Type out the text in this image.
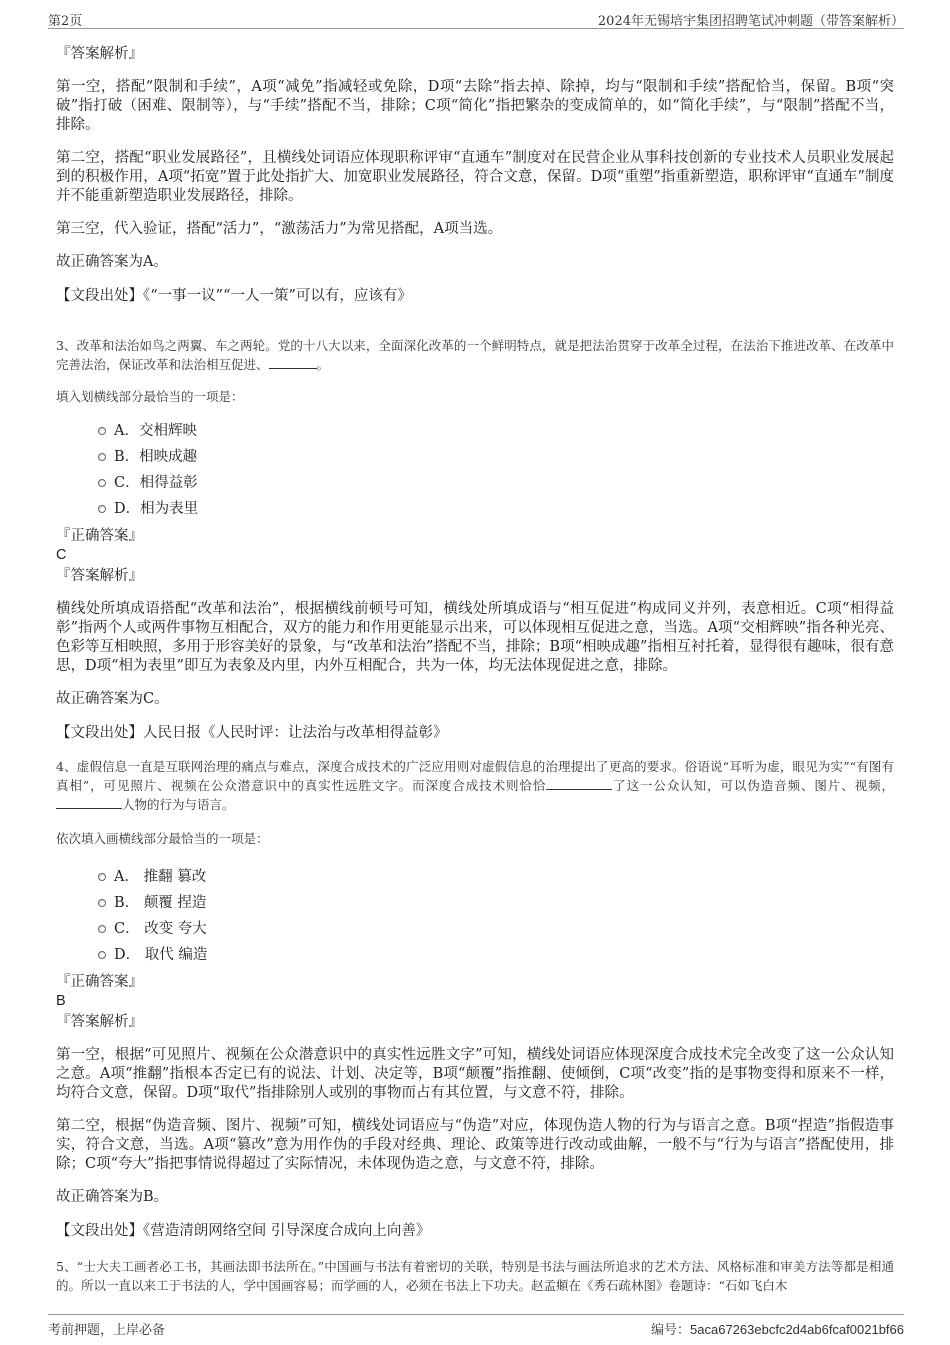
第2页	2024年无锡培宇集团招聘笔试冲刺题（带答案解析）

『答案解析』

第一空，搭配“限制和手续”，A项“减免”指减轻或免除，D项“去除”指去掉、除掉，均与“限制和手续”搭配恰当，保留。B项“突破”指打破（困难、限制等），与“手续”搭配不当，排除；C项“简化”指把繁杂的变成简单的，如“简化手续”，与“限制”搭配不当，排除。

第二空，搭配“职业发展路径”，且横线处词语应体现职称评审“直通车”制度对在民营企业从事科技创新的专业技术人员职业发展起到的积极作用，A项“拓宽”置于此处指扩大、加宽职业发展路径，符合文意，保留。D项“重塑”指重新塑造，职称评审“直通车”制度并不能重新塑造职业发展路径，排除。

第三空，代入验证，搭配“活力”，“激荡活力”为常见搭配，A项当选。

故正确答案为A。

【文段出处】《“一事一议”“一人一策”可以有，应该有》

3、改革和法治如鸟之两翼、车之两轮。党的十八大以来，全面深化改革的一个鲜明特点，就是把法治贯穿于改革全过程，在法治下推进改革、在改革中完善法治，保证改革和法治相互促进、	。

填入划横线部分最恰当的一项是：

A．交相辉映
B．相映成趣
C．相得益彰
D．相为表里

『正确答案』

C

『答案解析』

横线处所填成语搭配“改革和法治”，根据横线前顿号可知，横线处所填成语与“相互促进”构成同义并列，表意相近。C项“相得益彰”指两个人或两件事物互相配合，双方的能力和作用更能显示出来，可以体现相互促进之意，当选。A项“交相辉映”指各种光亮、色彩等互相映照，多用于形容美好的景象，与“改革和法治”搭配不当，排除；B项“相映成趣”指相互衬托着，显得很有趣味，很有意思，D项“相为表里”即互为表象及内里，内外互相配合，共为一体，均无法体现促进之意，排除。

故正确答案为C。

【文段出处】人民日报《人民时评：让法治与改革相得益彰》

4、虚假信息一直是互联网治理的痛点与难点，深度合成技术的广泛应用则对虚假信息的治理提出了更高的要求。俗语说“耳听为虚，眼见为实”“有图有真相”，可见照片、视频在公众潜意识中的真实性远胜文字。而深度合成技术则恰恰	了这一公众认知，可以伪造音频、图片、视频，人物的行为与语言。

依次填入画横线部分最恰当的一项是：

A． 推翻 篡改
B． 颠覆 捏造
C． 改变 夸大
D． 取代 编造

『正确答案』

B

『答案解析』

第一空，根据“可见照片、视频在公众潜意识中的真实性远胜文字”可知，横线处词语应体现深度合成技术完全改变了这一公众认知之意。A项“推翻”指根本否定已有的说法、计划、决定等，B项“颠覆”指推翻、使倾倒，C项“改变”指的是事物变得和原来不一样，均符合文意，保留。D项“取代”指排除别人或别的事物而占有其位置，与文意不符，排除。

第二空，根据“伪造音频、图片、视频”可知，横线处词语应与“伪造”对应，体现伪造人物的行为与语言之意。B项“捏造”指假造事实，符合文意，当选。A项“篡改”意为用作伪的手段对经典、理论、政策等进行改动或曲解，一般不与“行为与语言”搭配使用，排除；C项“夸大”指把事情说得超过了实际情况，未体现伪造之意，与文意不符，排除。

故正确答案为B。

【文段出处】《营造清朗网络空间 引导深度合成向上向善》

5、“士大夫工画者必工书，其画法即书法所在。”中国画与书法有着密切的关联，特别是书法与画法所追求的艺术方法、风格标准和审美方法等都是相通的。所以一直以来工于书法的人，学中国画容易；而学画的人，必须在书法上下功夫。赵孟頫在《秀石疏林图》卷题诗：“石如飞白木

考前押题，上岸必备	编号：5aca67263ebcfc2d4ab6fcaf0021bf66
